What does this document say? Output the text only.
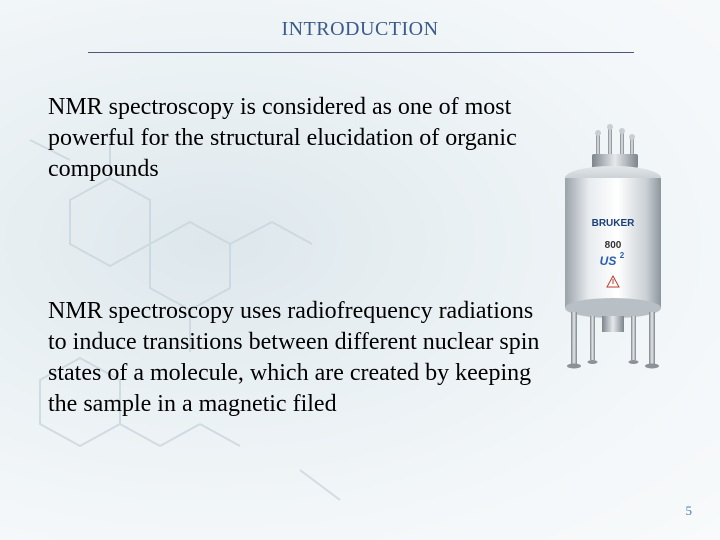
INTRODUCTION
NMR spectroscopy is considered as one of most powerful for the structural elucidation of organic compounds
NMR spectroscopy uses radiofrequency radiations to induce transitions between different nuclear spin states of a molecule, which are created by keeping the sample in a magnetic filed
BRUKER
800
US 2
5
